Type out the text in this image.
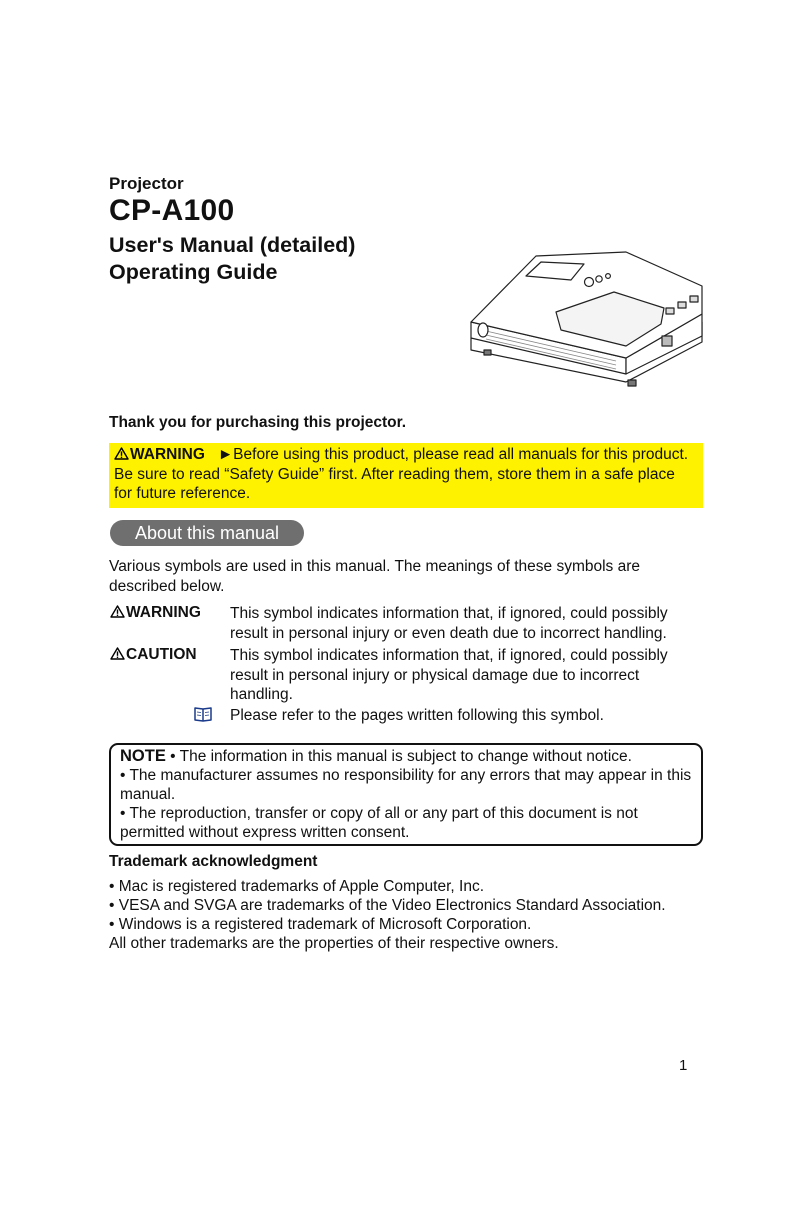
Projector
CP-A100
User's Manual (detailed)
Operating Guide
Thank you for purchasing this projector.
WARNING ►Before using this product, please read all manuals for this product. Be sure to read “Safety Guide” first. After reading them, store them in a safe place for future reference.
About this manual
Various symbols are used in this manual. The meanings of these symbols are described below.
WARNING This symbol indicates information that, if ignored, could possibly result in personal injury or even death due to incorrect handling.
CAUTION This symbol indicates information that, if ignored, could possibly result in personal injury or physical damage due to incorrect handling.
Please refer to the pages written following this symbol.
NOTE • The information in this manual is subject to change without notice.
• The manufacturer assumes no responsibility for any errors that may appear in this manual.
• The reproduction, transfer or copy of all or any part of this document is not permitted without express written consent.
Trademark acknowledgment
• Mac is registered trademarks of Apple Computer, Inc.
• VESA and SVGA are trademarks of the Video Electronics Standard Association.
• Windows is a registered trademark of Microsoft Corporation.
All other trademarks are the properties of their respective owners.
1
